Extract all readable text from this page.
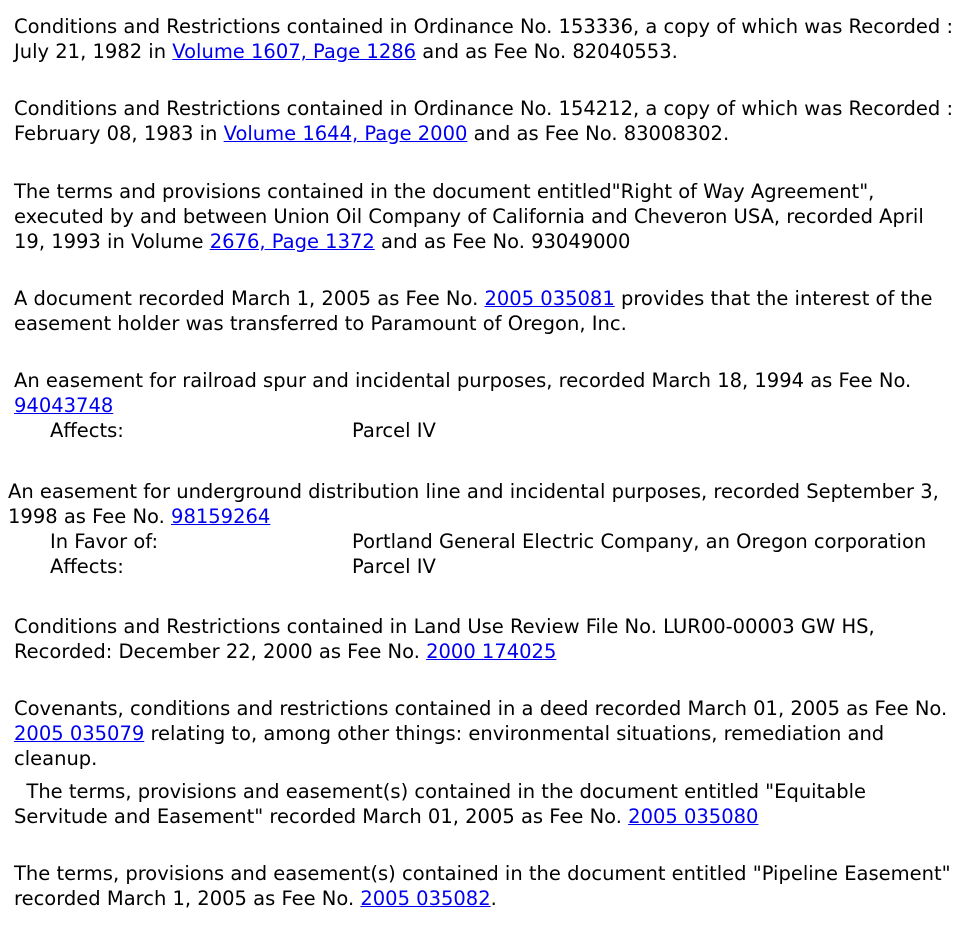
Conditions and Restrictions contained in Ordinance No. 153336, a copy of which was Recorded : July 21, 1982 in Volume 1607, Page 1286 and as Fee No. 82040553.
Conditions and Restrictions contained in Ordinance No. 154212, a copy of which was Recorded : February 08, 1983 in Volume 1644, Page 2000 and as Fee No. 83008302.
The terms and provisions contained in the document entitled"Right of Way Agreement", executed by and between Union Oil Company of California and Cheveron USA, recorded April 19, 1993 in Volume 2676, Page 1372 and as Fee No. 93049000
A document recorded March 1, 2005 as Fee No. 2005 035081 provides that the interest of the easement holder was transferred to Paramount of Oregon, Inc.
An easement for railroad spur and incidental purposes, recorded March 18, 1994 as Fee No. 94043748
Affects:	Parcel IV
An easement for underground distribution line and incidental purposes, recorded September 3, 1998 as Fee No. 98159264
In Favor of:	Portland General Electric Company, an Oregon corporation
Affects:	Parcel IV
Conditions and Restrictions contained in Land Use Review File No. LUR00-00003 GW HS, Recorded: December 22, 2000 as Fee No. 2000 174025
Covenants, conditions and restrictions contained in a deed recorded March 01, 2005 as Fee No. 2005 035079 relating to, among other things: environmental situations, remediation and cleanup.
The terms, provisions and easement(s) contained in the document entitled "Equitable Servitude and Easement" recorded March 01, 2005 as Fee No. 2005 035080
The terms, provisions and easement(s) contained in the document entitled "Pipeline Easement" recorded March 1, 2005 as Fee No. 2005 035082.
